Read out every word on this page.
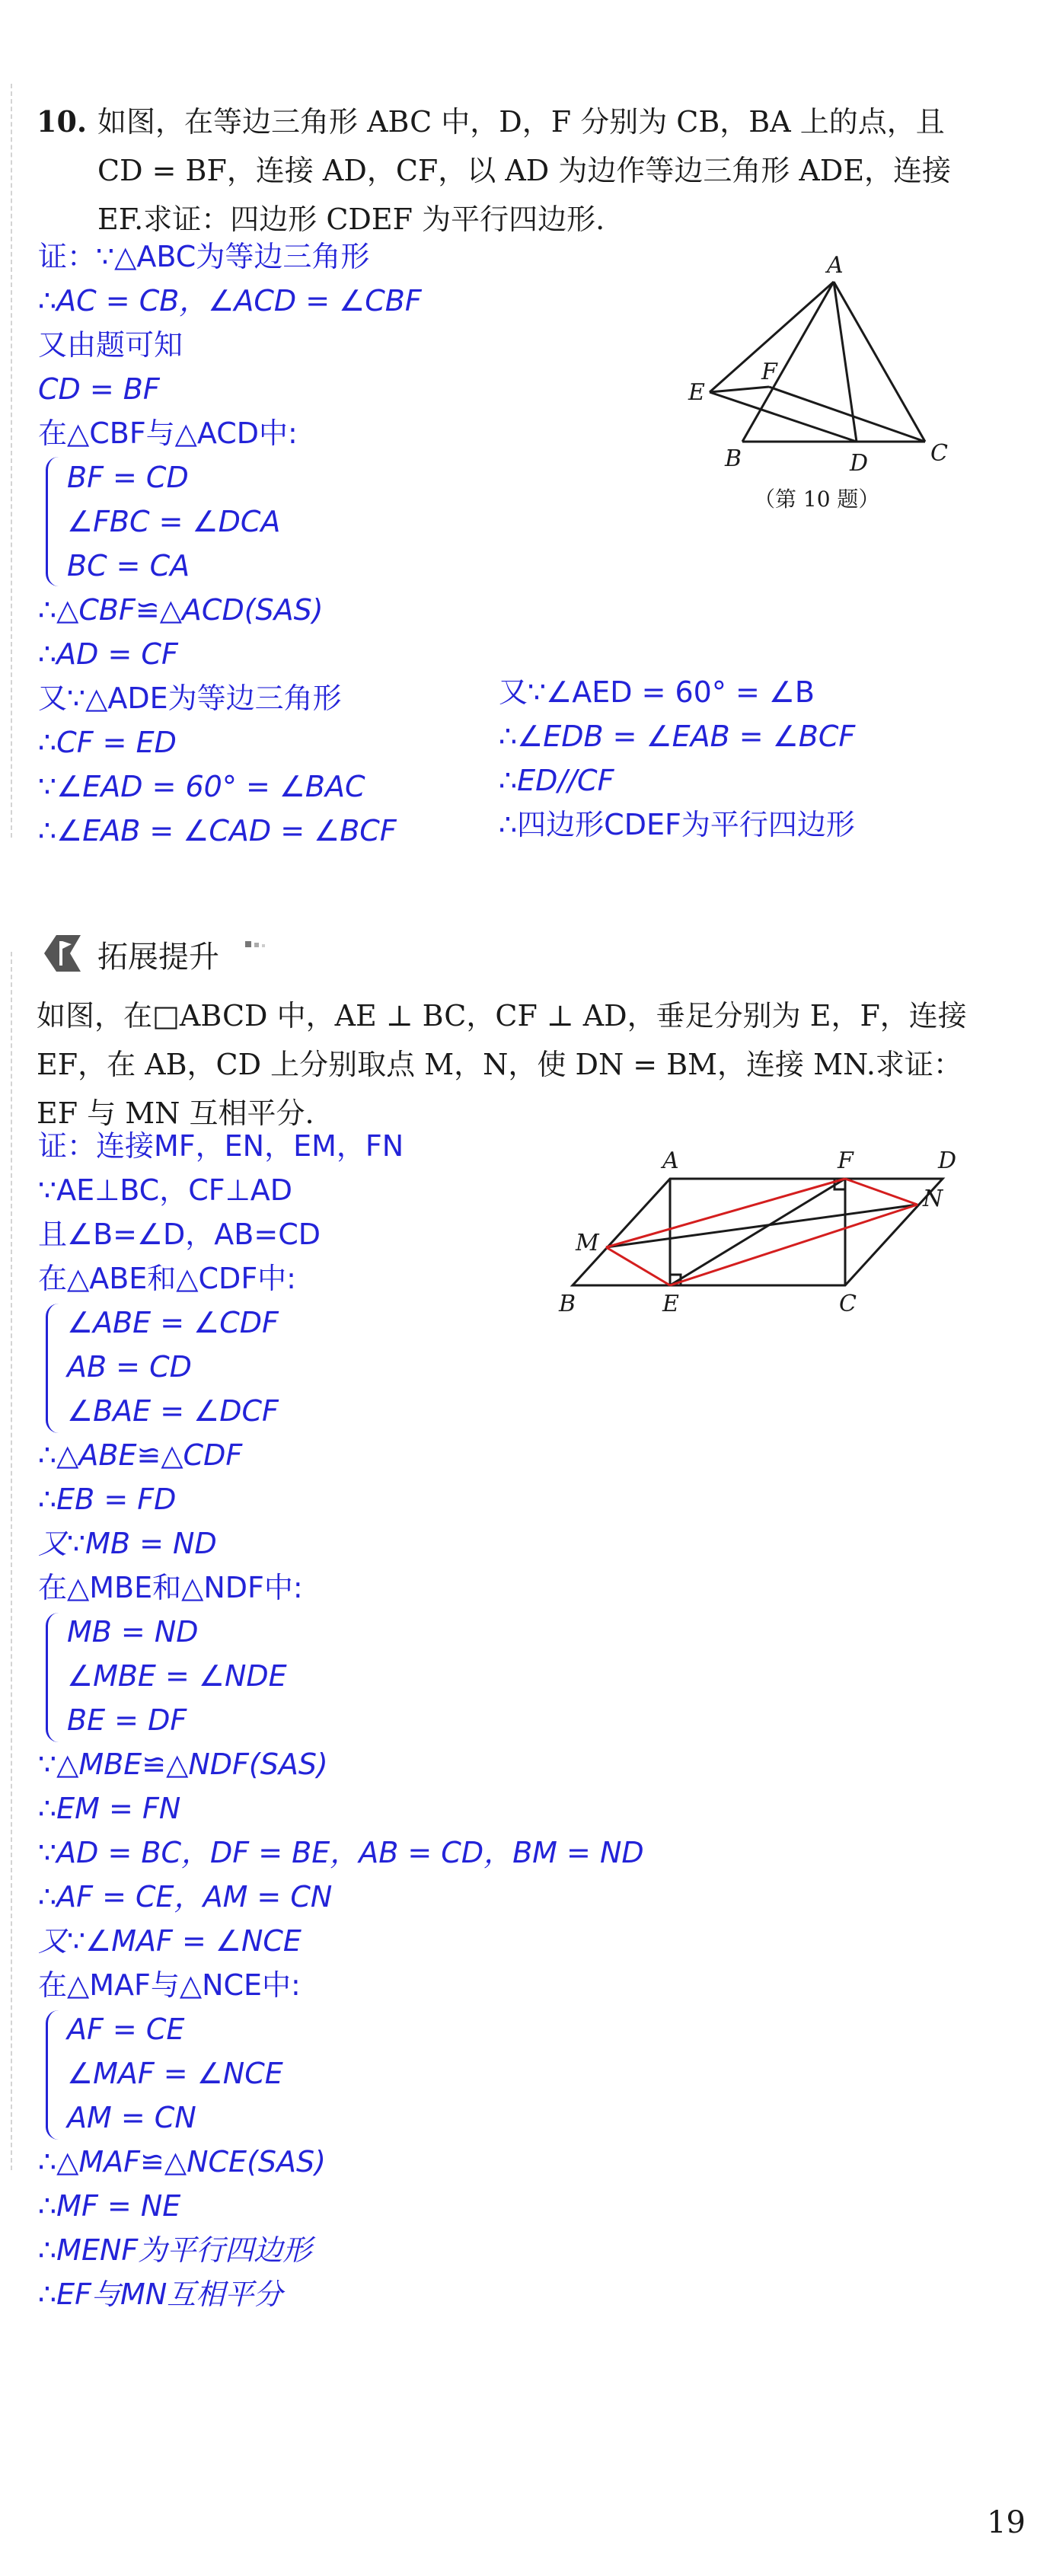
10. 如图，在等边三角形 ABC 中，D，F 分别为 CB，BA 上的点，且
CD = BF，连接 AD，CF，以 AD 为边作等边三角形 ADE，连接
EF.求证：四边形 CDEF 为平行四边形.
A
B	C
D
E
F
（第 10 题）
证：∵△ABC为等边三角形
∴AC = CB，∠ACD = ∠CBF
又由题可知
CD = BF
在△CBF与△ACD中:
BF = CD
∠FBC = ∠DCA
BC = CA
∴△CBF≌△ACD(SAS)
∴AD = CF
又∵△ADE为等边三角形
∴CF = ED
∵∠EAD = 60° = ∠BAC
∴∠EAB = ∠CAD = ∠BCF
又∵∠AED = 60° = ∠B
∴∠EDB = ∠EAB = ∠BCF
∴ED//CF
∴四边形CDEF为平行四边形
拓展提升
如图，在□ABCD 中，AE ⊥ BC，CF ⊥ AD，垂足分别为 E，F，连接
EF，在 AB，CD 上分别取点 M，N，使 DN = BM，连接 MN.求证：
EF 与 MN 互相平分.
A	F	D
N
M
B	E	C
证：连接MF，EN，EM，FN
∵AE⊥BC，CF⊥AD
且∠B=∠D，AB=CD
在△ABE和△CDF中:
∠ABE = ∠CDF
AB = CD
∠BAE = ∠DCF
∴△ABE≌△CDF
∴EB = FD
又∵MB = ND
在△MBE和△NDF中:
MB = ND
∠MBE = ∠NDE
BE = DF
∵△MBE≌△NDF(SAS)
∴EM = FN
∵AD = BC，DF = BE，AB = CD，BM = ND
∴AF = CE，AM = CN
又∵∠MAF = ∠NCE
在△MAF与△NCE中:
AF = CE
∠MAF = ∠NCE
AM = CN
∴△MAF≌△NCE(SAS)
∴MF = NE
∴MENF为平行四边形
∴EF与MN互相平分
19
